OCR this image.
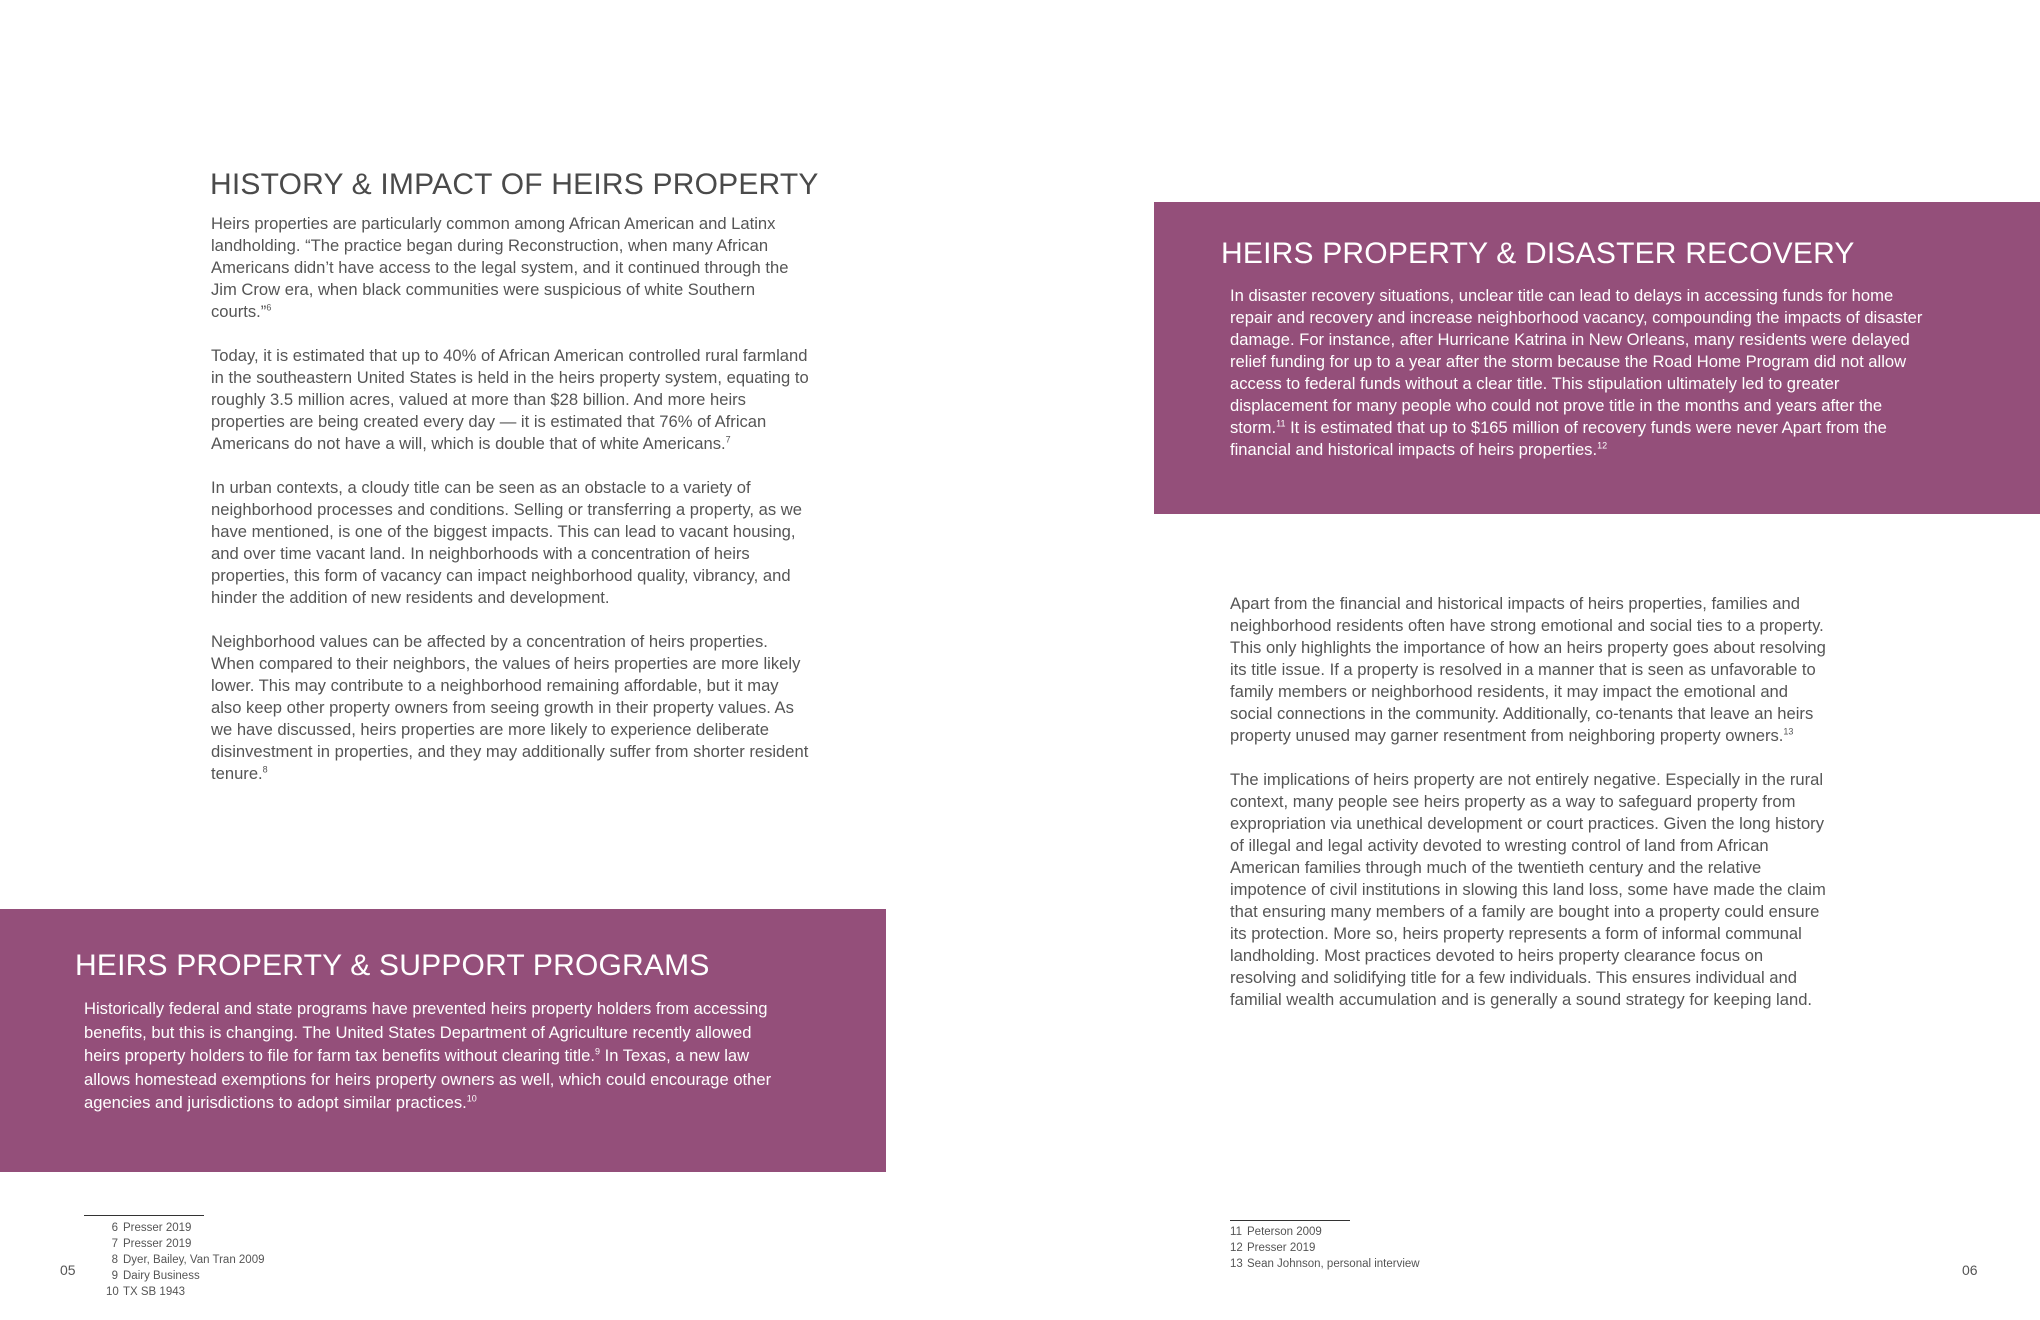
HISTORY & IMPACT OF HEIRS PROPERTY

Heirs properties are particularly common among African American and Latinx landholding. “The practice began during Reconstruction, when many African Americans didn’t have access to the legal system, and it continued through the Jim Crow era, when black communities were suspicious of white Southern courts.”$^6$

Today, it is estimated that up to 40% of African American controlled rural farmland in the southeastern United States is held in the heirs property system, equating to roughly 3.5 million acres, valued at more than $28 billion. And more heirs properties are being created every day — it is estimated that 76% of African Americans do not have a will, which is double that of white Americans.$^7$

In urban contexts, a cloudy title can be seen as an obstacle to a variety of neighborhood processes and conditions. Selling or transferring a property, as we have mentioned, is one of the biggest impacts. This can lead to vacant housing, and over time vacant land. In neighborhoods with a concentration of heirs properties, this form of vacancy can impact neighborhood quality, vibrancy, and hinder the addition of new residents and development.

Neighborhood values can be affected by a concentration of heirs properties. When compared to their neighbors, the values of heirs properties are more likely lower. This may contribute to a neighborhood remaining affordable, but it may also keep other property owners from seeing growth in their property values. As we have discussed, heirs properties are more likely to experience deliberate disinvestment in properties, and they may additionally suffer from shorter resident tenure.$^8$

HEIRS PROPERTY & SUPPORT PROGRAMS

Historically federal and state programs have prevented heirs property holders from accessing benefits, but this is changing. The United States Department of Agriculture recently allowed heirs property holders to file for farm tax benefits without clearing title.$^9$ In Texas, a new law allows homestead exemptions for heirs property owners as well, which could encourage other agencies and jurisdictions to adopt similar practices.$^{10}$

6 Presser 2019
7 Presser 2019
8 Dyer, Bailey, Van Tran 2009
9 Dairy Business
10 TX SB 1943
05
HEIRS PROPERTY & DISASTER RECOVERY

In disaster recovery situations, unclear title can lead to delays in accessing funds for home repair and recovery and increase neighborhood vacancy, compounding the impacts of disaster damage. For instance, after Hurricane Katrina in New Orleans, many residents were delayed relief funding for up to a year after the storm because the Road Home Program did not allow access to federal funds without a clear title. This stipulation ultimately led to greater displacement for many people who could not prove title in the months and years after the storm.$^{11}$ It is estimated that up to $165 million of recovery funds were never Apart from the financial and historical impacts of heirs properties.$^{12}$

Apart from the financial and historical impacts of heirs properties, families and neighborhood residents often have strong emotional and social ties to a property. This only highlights the importance of how an heirs property goes about resolving its title issue. If a property is resolved in a manner that is seen as unfavorable to family members or neighborhood residents, it may impact the emotional and social connections in the community. Additionally, co-tenants that leave an heirs property unused may garner resentment from neighboring property owners.$^{13}$

The implications of heirs property are not entirely negative. Especially in the rural context, many people see heirs property as a way to safeguard property from expropriation via unethical development or court practices. Given the long history of illegal and legal activity devoted to wresting control of land from African American families through much of the twentieth century and the relative impotence of civil institutions in slowing this land loss, some have made the claim that ensuring many members of a family are bought into a property could ensure its protection. More so, heirs property represents a form of informal communal landholding. Most practices devoted to heirs property clearance focus on resolving and solidifying title for a few individuals. This ensures individual and familial wealth accumulation and is generally a sound strategy for keeping land.

11 Peterson 2009
12 Presser 2019
13 Sean Johnson, personal interview	06
